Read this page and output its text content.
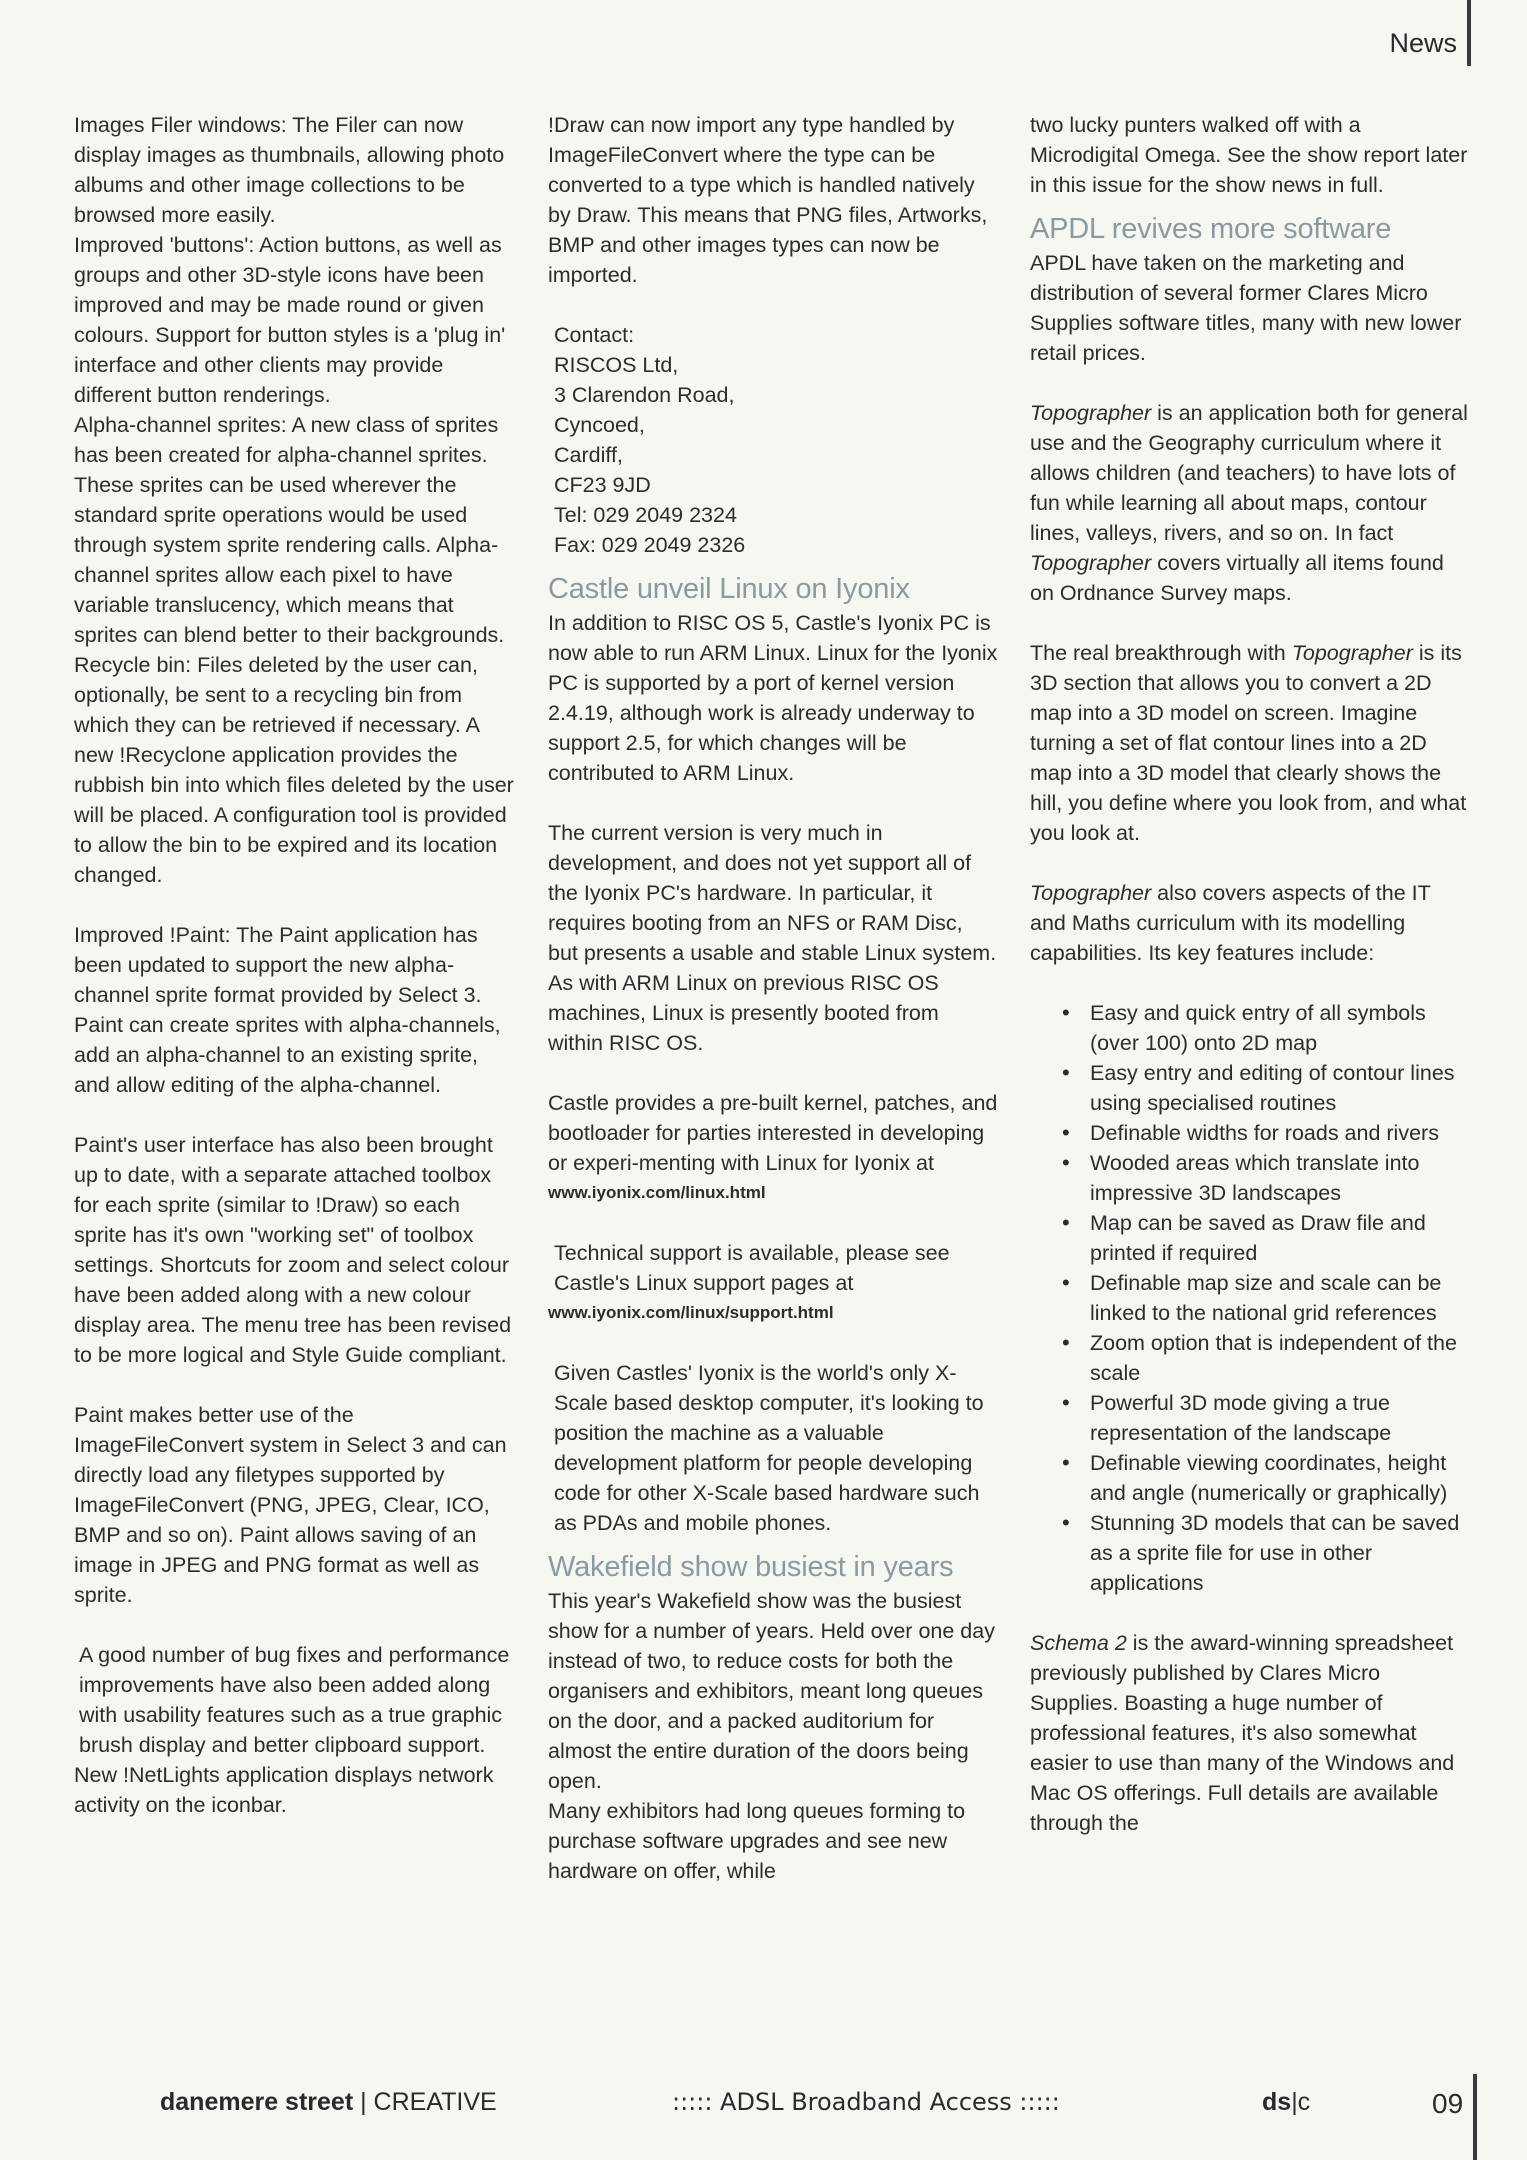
News

Images Filer windows: The Filer can now display images as thumbnails, allowing photo albums and other image collections to be browsed more easily.

Improved 'buttons': Action buttons, as well as groups and other 3D-style icons have been improved and may be made round or given colours. Support for button styles is a 'plug in' interface and other clients may provide different button renderings.

Alpha-channel sprites: A new class of sprites has been created for alpha-channel sprites. These sprites can be used wherever the standard sprite operations would be used through system sprite rendering calls. Alpha-channel sprites allow each pixel to have variable translucency, which means that sprites can blend better to their backgrounds.

Recycle bin: Files deleted by the user can, optionally, be sent to a recycling bin from which they can be retrieved if necessary. A new !Recyclone application provides the rubbish bin into which files deleted by the user will be placed. A configuration tool is provided to allow the bin to be expired and its location changed.

Improved !Paint: The Paint application has been updated to support the new alpha-channel sprite format provided by Select 3. Paint can create sprites with alpha-channels, add an alpha-channel to an existing sprite, and allow editing of the alpha-channel.

Paint's user interface has also been brought up to date, with a separate attached toolbox for each sprite (similar to !Draw) so each sprite has it's own "working set" of toolbox settings. Shortcuts for zoom and select colour have been added along with a new colour display area. The menu tree has been revised to be more logical and Style Guide compliant.

Paint makes better use of the ImageFileConvert system in Select 3 and can directly load any filetypes supported by ImageFileConvert (PNG, JPEG, Clear, ICO, BMP and so on). Paint allows saving of an image in JPEG and PNG format as well as sprite.

A good number of bug fixes and performance improvements have also been added along with usability features such as a true graphic brush display and better clipboard support.

New !NetLights application displays network activity on the iconbar.

!Draw can now import any type handled by ImageFileConvert where the type can be converted to a type which is handled natively by Draw. This means that PNG files, Artworks, BMP and other images types can now be imported.

Contact:

RISCOS Ltd,

3 Clarendon Road,

Cyncoed,

Cardiff,

CF23 9JD

Tel: 029 2049 2324

Fax: 029 2049 2326

Castle unveil Linux on Iyonix

In addition to RISC OS 5, Castle's Iyonix PC is now able to run ARM Linux. Linux for the Iyonix PC is supported by a port of kernel version 2.4.19, although work is already underway to support 2.5, for which changes will be contributed to ARM Linux.

The current version is very much in development, and does not yet support all of the Iyonix PC's hardware. In particular, it requires booting from an NFS or RAM Disc, but presents a usable and stable Linux system. As with ARM Linux on previous RISC OS machines, Linux is presently booted from within RISC OS.

Castle provides a pre-built kernel, patches, and bootloader for parties interested in developing or experi-menting with Linux for Iyonix at

www.iyonix.com/linux.html

Technical support is available, please see Castle's Linux support pages at

www.iyonix.com/linux/support.html

Given Castles' Iyonix is the world's only X-Scale based desktop computer, it's looking to position the machine as a valuable development platform for people developing code for other X-Scale based hardware such as PDAs and mobile phones.

Wakefield show busiest in years

This year's Wakefield show was the busiest show for a number of years. Held over one day instead of two, to reduce costs for both the organisers and exhibitors, meant long queues on the door, and a packed auditorium for almost the entire duration of the doors being open.

Many exhibitors had long queues forming to purchase software upgrades and see new hardware on offer, while

two lucky punters walked off with a Microdigital Omega. See the show report later in this issue for the show news in full.

APDL revives more software

APDL have taken on the marketing and distribution of several former Clares Micro Supplies software titles, many with new lower retail prices.

Topographer is an application both for general use and the Geography curriculum where it allows children (and teachers) to have lots of fun while learning all about maps, contour lines, valleys, rivers, and so on. In fact Topographer covers virtually all items found on Ordnance Survey maps.

The real breakthrough with Topographer is its 3D section that allows you to convert a 2D map into a 3D model on screen. Imagine turning a set of flat contour lines into a 2D map into a 3D model that clearly shows the hill, you define where you look from, and what you look at.

Topographer also covers aspects of the IT and Maths curriculum with its modelling capabilities. Its key features include:

• Easy and quick entry of all symbols (over 100) onto 2D map
• Easy entry and editing of contour lines using specialised routines
• Definable widths for roads and rivers
• Wooded areas which translate into impressive 3D landscapes
• Map can be saved as Draw file and printed if required
• Definable map size and scale can be linked to the national grid references
• Zoom option that is independent of the scale
• Powerful 3D mode giving a true representation of the landscape
• Definable viewing coordinates, height and angle (numerically or graphically)
• Stunning 3D models that can be saved as a sprite file for use in other applications

Schema 2 is the award-winning spreadsheet previously published by Clares Micro Supplies. Boasting a huge number of professional features, it's also somewhat easier to use than many of the Windows and Mac OS offerings. Full details are available through the

danemere street | CREATIVE	::::: ADSL Broadband Access :::::	ds|c	09
